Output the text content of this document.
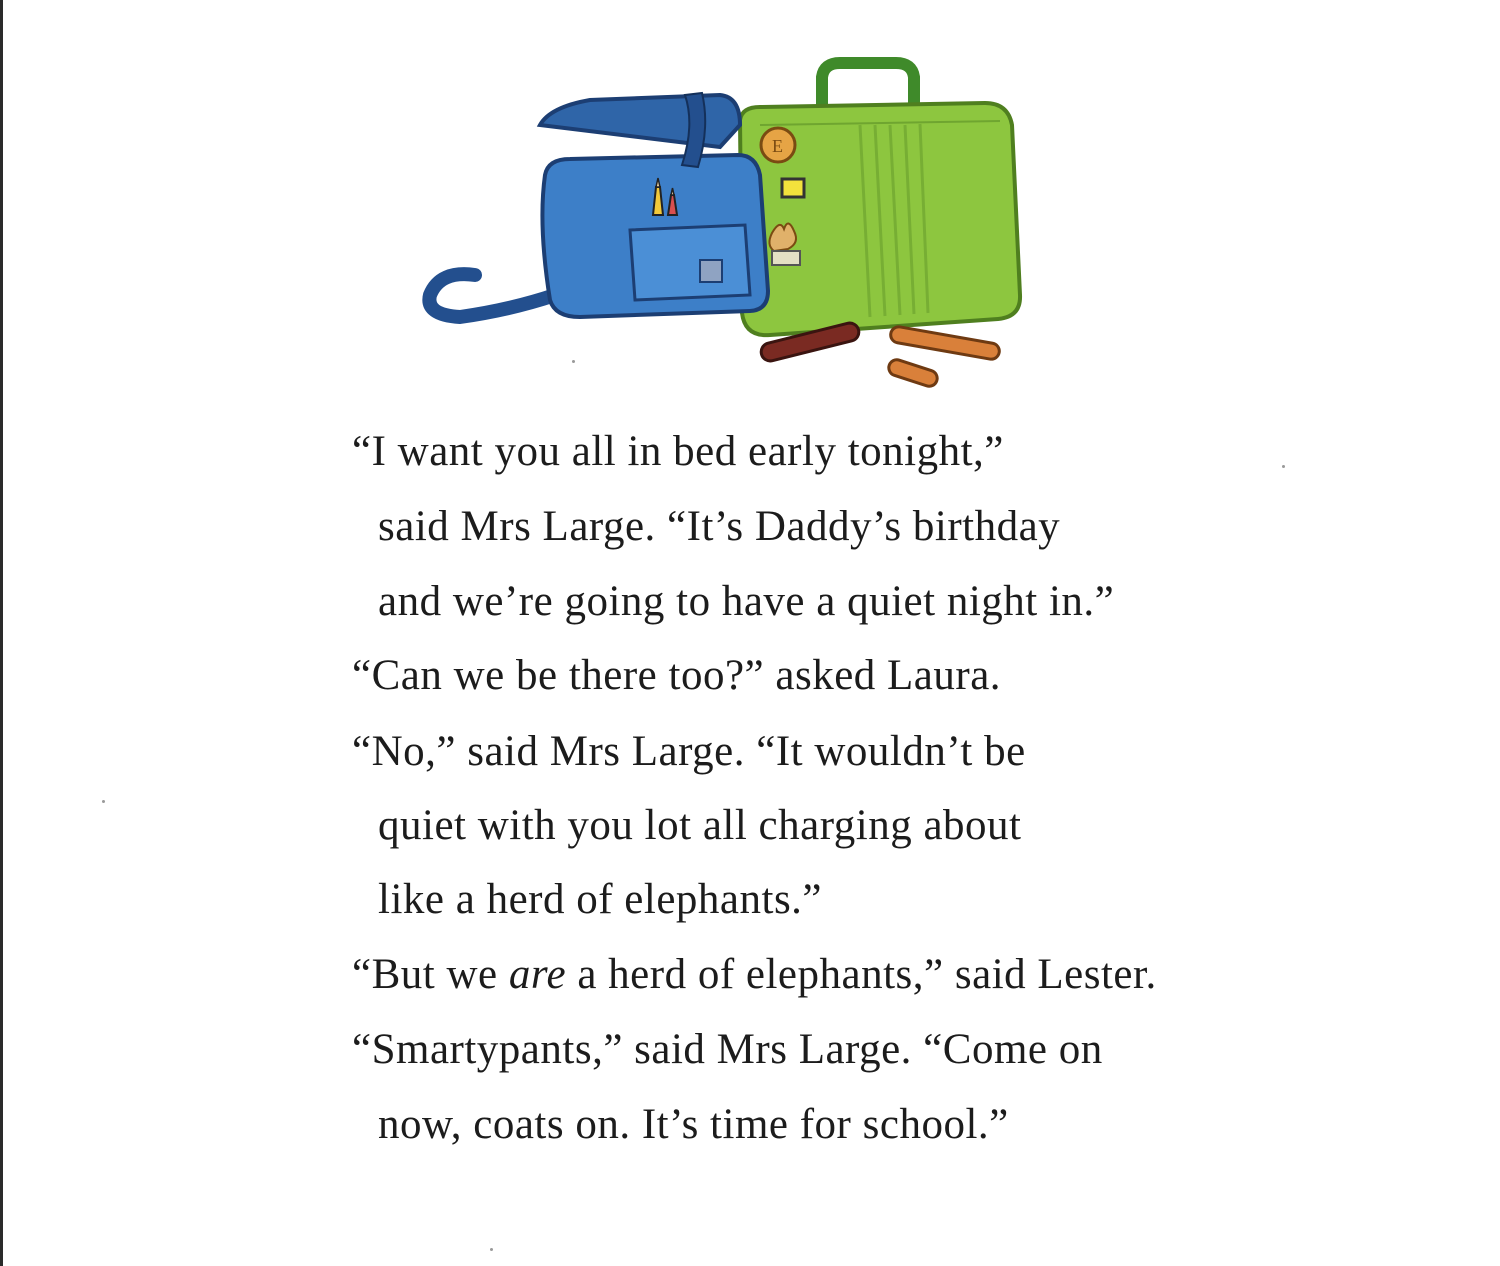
E
“I want you all in bed early tonight,”
said Mrs Large. “It’s Daddy’s birthday
and we’re going to have a quiet night in.”
“Can we be there too?” asked Laura.
“No,” said Mrs Large. “It wouldn’t be
quiet with you lot all charging about
like a herd of elephants.”
“But we are a herd of elephants,” said Lester.
“Smartypants,” said Mrs Large. “Come on
now, coats on. It’s time for school.”
